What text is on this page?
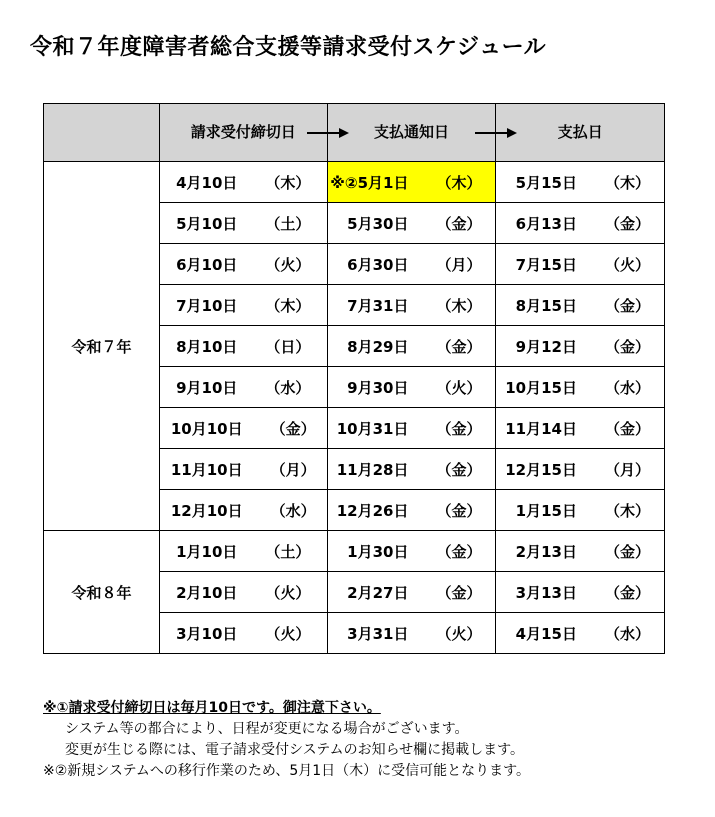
令和７年度障害者総合支援等請求受付スケジュール

	請求受付締切日	支払通知日	支払日

令和７年	4月10日 （木）	※②5月1日 （木）	5月15日 （木）

	5月10日 （土）	5月30日 （金）	6月13日 （金）

	6月10日 （火）	6月30日 （月）	7月15日 （火）

	7月10日 （木）	7月31日 （木）	8月15日 （金）

	8月10日 （日）	8月29日 （金）	9月12日 （金）

	9月10日 （水）	9月30日 （火）	10月15日 （水）

	10月10日 （金）	10月31日 （金）	11月14日 （金）

	11月10日 （月）	11月28日 （金）	12月15日 （月）

	12月10日 （水）	12月26日 （金）	1月15日 （木）

令和８年	1月10日 （土）	1月30日 （金）	2月13日 （金）

	2月10日 （火）	2月27日 （金）	3月13日 （金）

	3月10日 （火）	3月31日 （火）	4月15日 （水）
※①請求受付締切日は毎月10日です。御注意下さい。
システム等の都合により、日程が変更になる場合がございます。
変更が生じる際には、電子請求受付システムのお知らせ欄に掲載します。
※②新規システムへの移行作業のため、5月1日（木）に受信可能となります。
